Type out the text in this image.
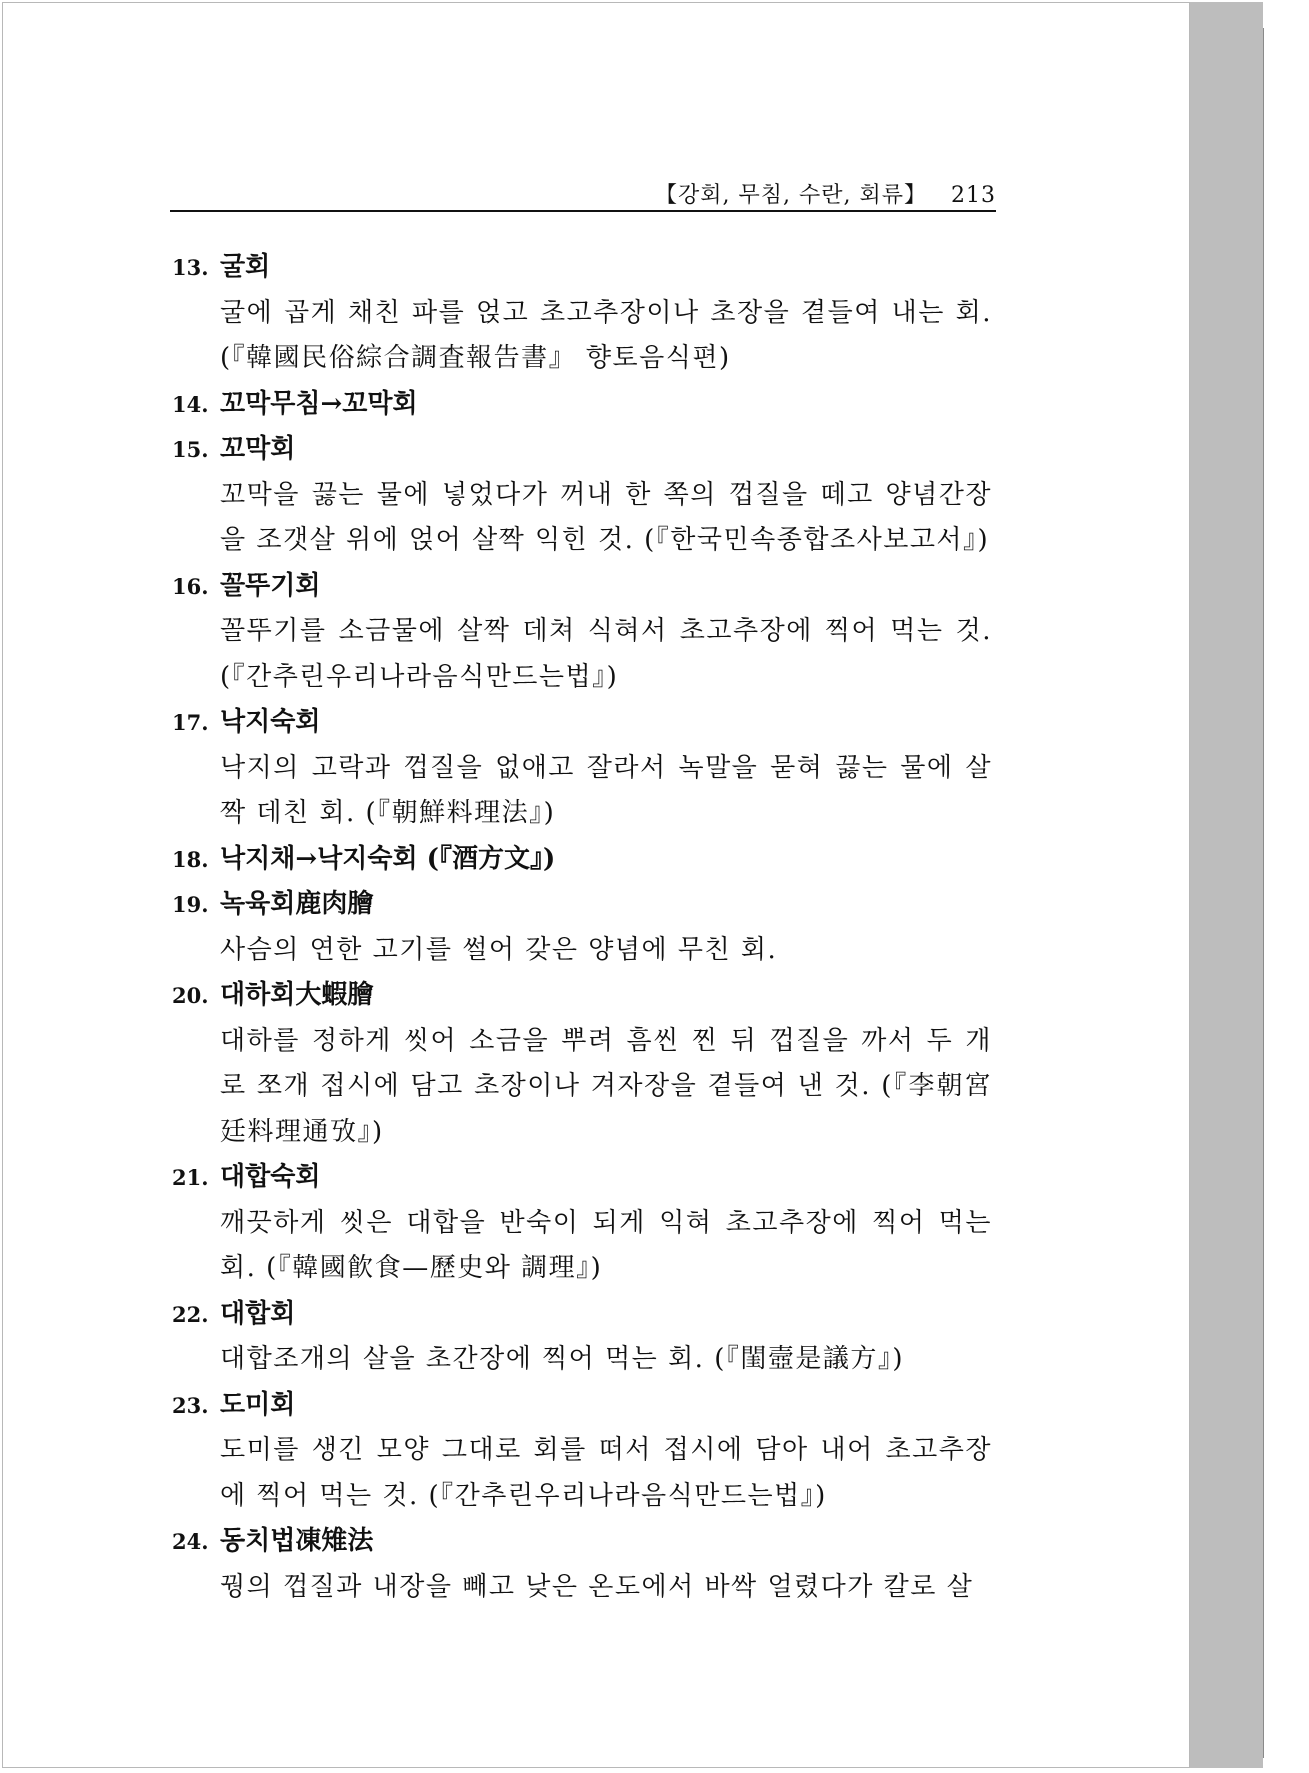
【강회, 무침, 수란, 회류】 213
13. 굴회
굴에 곱게 채친 파를 얹고 초고추장이나 초장을 곁들여 내는 회.
(『韓國民俗綜合調査報告書』 향토음식편)
14. 꼬막무침→꼬막회
15. 꼬막회
꼬막을 끓는 물에 넣었다가 꺼내 한 쪽의 껍질을 떼고 양념간장
을 조갯살 위에 얹어 살짝 익힌 것. (『한국민속종합조사보고서』)
16. 꼴뚜기회
꼴뚜기를 소금물에 살짝 데쳐 식혀서 초고추장에 찍어 먹는 것.
(『간추린우리나라음식만드는법』)
17. 낙지숙회
낙지의 고락과 껍질을 없애고 잘라서 녹말을 묻혀 끓는 물에 살
짝 데친 회. (『朝鮮料理法』)
18. 낙지채→낙지숙회 (『酒方文』)
19. 녹육회鹿肉膾
사슴의 연한 고기를 썰어 갖은 양념에 무친 회.
20. 대하회大蝦膾
대하를 정하게 씻어 소금을 뿌려 흠씬 찐 뒤 껍질을 까서 두 개
로 쪼개 접시에 담고 초장이나 겨자장을 곁들여 낸 것. (『李朝宮
廷料理通攷』)
21. 대합숙회
깨끗하게 씻은 대합을 반숙이 되게 익혀 초고추장에 찍어 먹는
회. (『韓國飮食—歷史와 調理』)
22. 대합회
대합조개의 살을 초간장에 찍어 먹는 회. (『閨壼是議方』)
23. 도미회
도미를 생긴 모양 그대로 회를 떠서 접시에 담아 내어 초고추장
에 찍어 먹는 것. (『간추린우리나라음식만드는법』)
24. 동치법凍雉法
꿩의 껍질과 내장을 빼고 낮은 온도에서 바싹 얼렸다가 칼로 살
